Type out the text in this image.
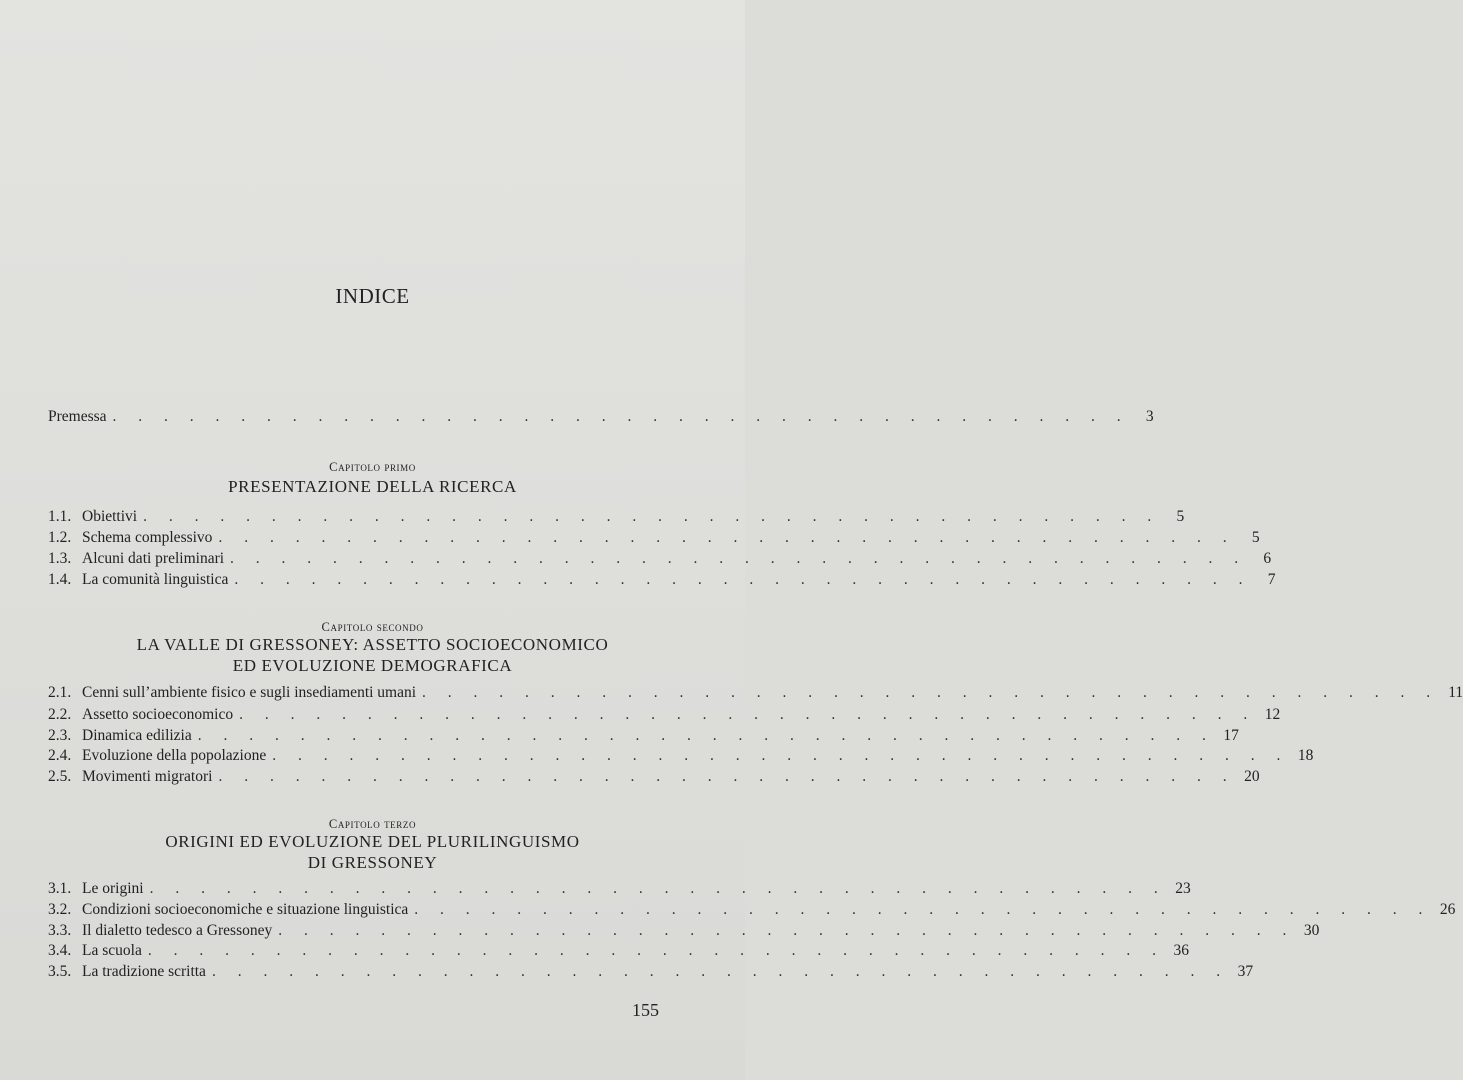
INDICE
Premessa . . . . . . . . . . . . . . . . . . . . . . . . . . . . . . . . . . . . . . . .	3
Capitolo primo
PRESENTAZIONE DELLA RICERCA
1.1. Obiettivi . . . . . . . . . . . . . . . . . . . . . . . . . . . . . . . . . . . . . . . .	5
1.2. Schema complessivo . . . . . . . . . . . . . . . . . . . . . . . . . . . . . . . . . . . . . . . .	5
1.3. Alcuni dati preliminari . . . . . . . . . . . . . . . . . . . . . . . . . . . . . . . . . . . . . . . .	6
1.4. La comunità linguistica . . . . . . . . . . . . . . . . . . . . . . . . . . . . . . . . . . . . . . . .	7
Capitolo secondo
LA VALLE DI GRESSONEY: ASSETTO SOCIOECONOMICO
ED EVOLUZIONE DEMOGRAFICA
2.1. Cenni sull’ambiente fisico e sugli insediamenti umani . . . . . . . . . . . . . . . . . . . . . . . . . . . . . . . . . . . . . . . . 11
2.2. Assetto socioeconomico . . . . . . . . . . . . . . . . . . . . . . . . . . . . . . . . . . . . . . . . 12
2.3. Dinamica edilizia . . . . . . . . . . . . . . . . . . . . . . . . . . . . . . . . . . . . . . . . 17
2.4. Evoluzione della popolazione . . . . . . . . . . . . . . . . . . . . . . . . . . . . . . . . . . . . . . . . 18
2.5. Movimenti migratori . . . . . . . . . . . . . . . . . . . . . . . . . . . . . . . . . . . . . . . . 20
Capitolo terzo
ORIGINI ED EVOLUZIONE DEL PLURILINGUISMO
DI GRESSONEY
3.1. Le origini . . . . . . . . . . . . . . . . . . . . . . . . . . . . . . . . . . . . . . . . 23
3.2. Condizioni socioeconomiche e situazione linguistica . . . . . . . . . . . . . . . . . . . . . . . . . . . . . . . . . . . . . . . . 26
3.3. Il dialetto tedesco a Gressoney . . . . . . . . . . . . . . . . . . . . . . . . . . . . . . . . . . . . . . . . 30
3.4. La scuola . . . . . . . . . . . . . . . . . . . . . . . . . . . . . . . . . . . . . . . . 36
3.5. La tradizione scritta . . . . . . . . . . . . . . . . . . . . . . . . . . . . . . . . . . . . . . . . 37
155
